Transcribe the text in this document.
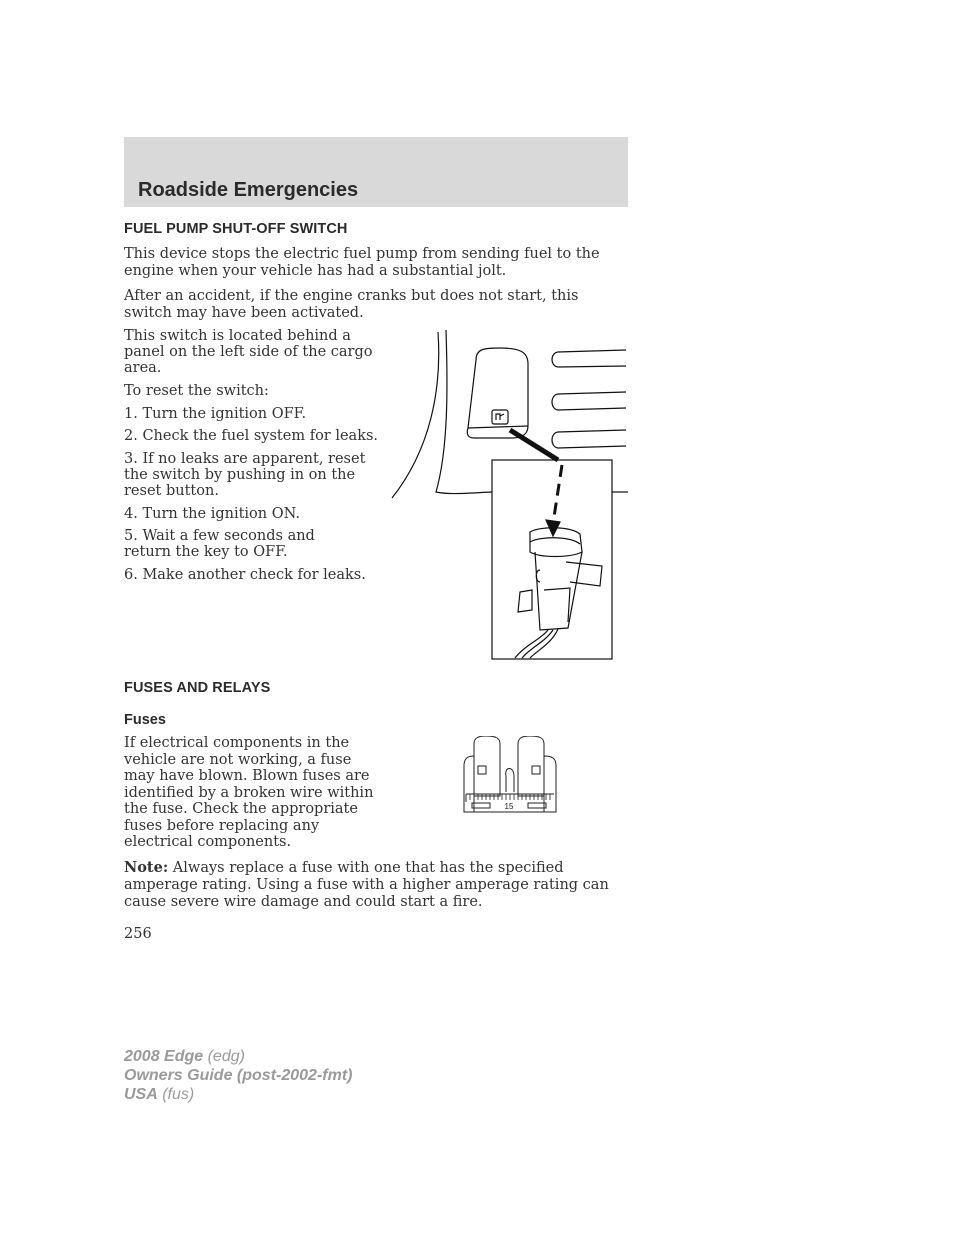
Roadside Emergencies
FUEL PUMP SHUT-OFF SWITCH

This device stops the electric fuel pump from sending fuel to the engine when your vehicle has had a substantial jolt.

After an accident, if the engine cranks but does not start, this switch may have been activated.

This switch is located behind a panel on the left side of the cargo area.

To reset the switch:

1. Turn the ignition OFF.

2. Check the fuel system for leaks.

3. If no leaks are apparent, reset the switch by pushing in on the reset button.

4. Turn the ignition ON.

5. Wait a few seconds and return the key to OFF.

6. Make another check for leaks.

FUSES AND RELAYS
Fuses

If electrical components in the vehicle are not working, a fuse may have blown. Blown fuses are identified by a broken wire within the fuse. Check the appropriate fuses before replacing any electrical components.

15

Note: Always replace a fuse with one that has the specified amperage rating. Using a fuse with a higher amperage rating can cause severe wire damage and could start a fire.

256
2008 Edge (edg)
Owners Guide (post-2002-fmt)
USA (fus)
